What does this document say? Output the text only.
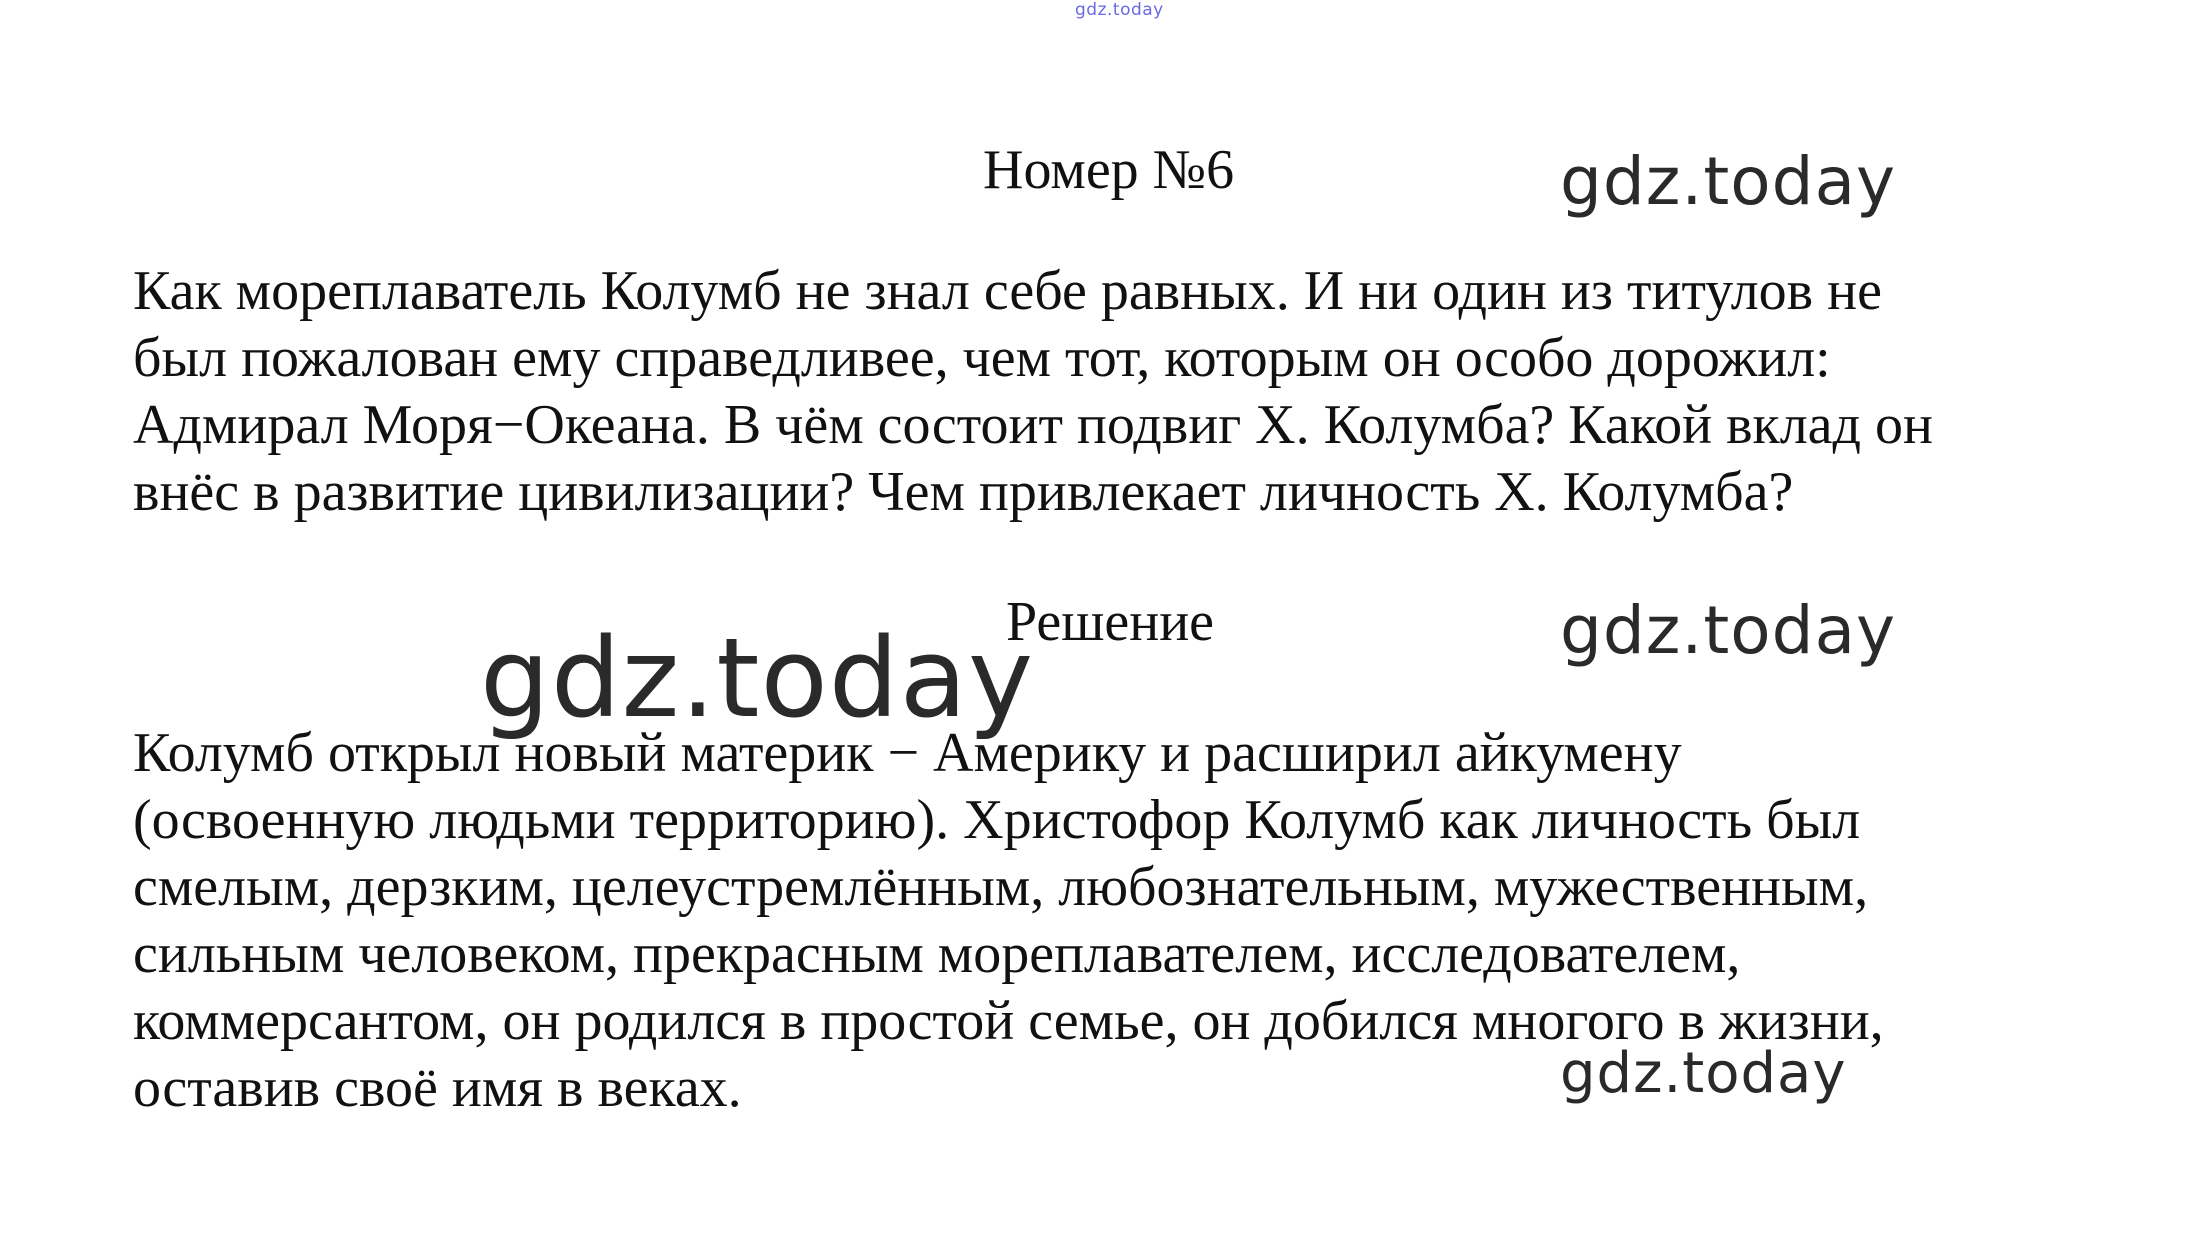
gdz.today
Номер №6
Как мореплаватель Колумб не знал себе равных. И ни один из титулов не
был пожалован ему справедливее, чем тот, которым он особо дорожил:
Адмирал Моря−Океана. В чём состоит подвиг Х. Колумба? Какой вклад он
внёс в развитие цивилизации? Чем привлекает личность Х. Колумба?
Решение
Колумб открыл новый материк − Америку и расширил айкумену
(освоенную людьми территорию). Христофор Колумб как личность был
смелым, дерзким, целеустремлённым, любознательным, мужественным,
сильным человеком, прекрасным мореплавателем, исследователем,
коммерсантом, он родился в простой семье, он добился многого в жизни,
оставив своё имя в веках.
gdz.today
gdz.today
gdz.today
gdz.today
